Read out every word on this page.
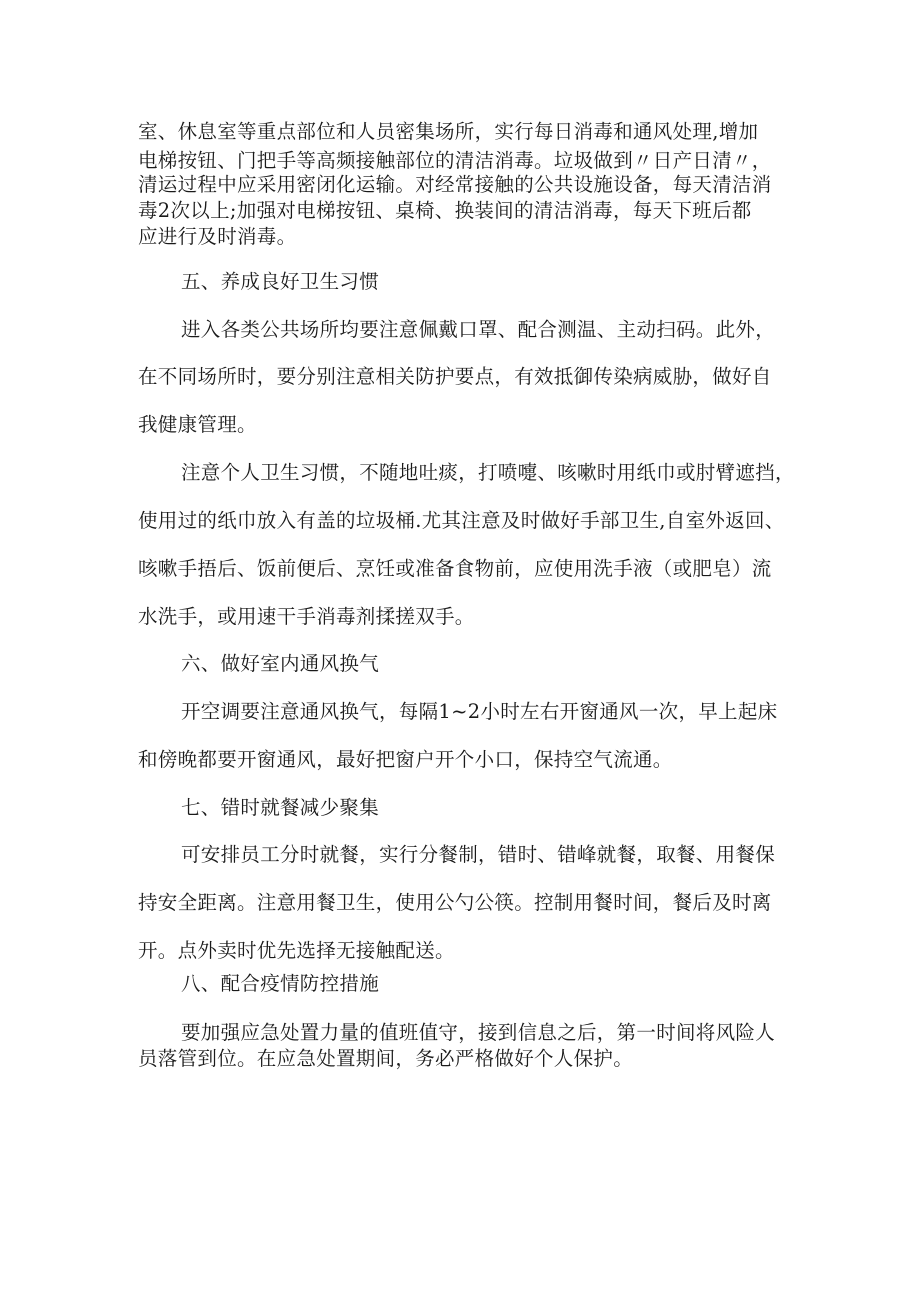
室、休息室等重点部位和人员密集场所，实行每日消毒和通风处理,增加
电梯按钮、门把手等高频接触部位的清洁消毒。垃圾做到〃日产日清〃，
清运过程中应采用密闭化运输。对经常接触的公共设施设备，每天清洁消
毒2次以上;加强对电梯按钮、桌椅、换装间的清洁消毒，每天下班后都
应进行及时消毒。
五、养成良好卫生习惯
进入各类公共场所均要注意佩戴口罩、配合测温、主动扫码。此外，
在不同场所时，要分别注意相关防护要点，有效抵御传染病威胁，做好自
我健康管理。
注意个人卫生习惯，不随地吐痰，打喷嚏、咳嗽时用纸巾或肘臂遮挡，
使用过的纸巾放入有盖的垃圾桶.尤其注意及时做好手部卫生,自室外返回、
咳嗽手捂后、饭前便后、烹饪或准备食物前，应使用洗手液（或肥皂）流
水洗手，或用速干手消毒剂揉搓双手。
六、做好室内通风换气
开空调要注意通风换气，每隔1~2小时左右开窗通风一次，早上起床
和傍晚都要开窗通风，最好把窗户开个小口，保持空气流通。
七、错时就餐减少聚集
可安排员工分时就餐，实行分餐制，错时、错峰就餐，取餐、用餐保
持安全距离。注意用餐卫生，使用公勺公筷。控制用餐时间，餐后及时离
开。点外卖时优先选择无接触配送。
八、配合疫情防控措施
要加强应急处置力量的值班值守，接到信息之后，第一时间将风险人
员落管到位。在应急处置期间，务必严格做好个人保护。
